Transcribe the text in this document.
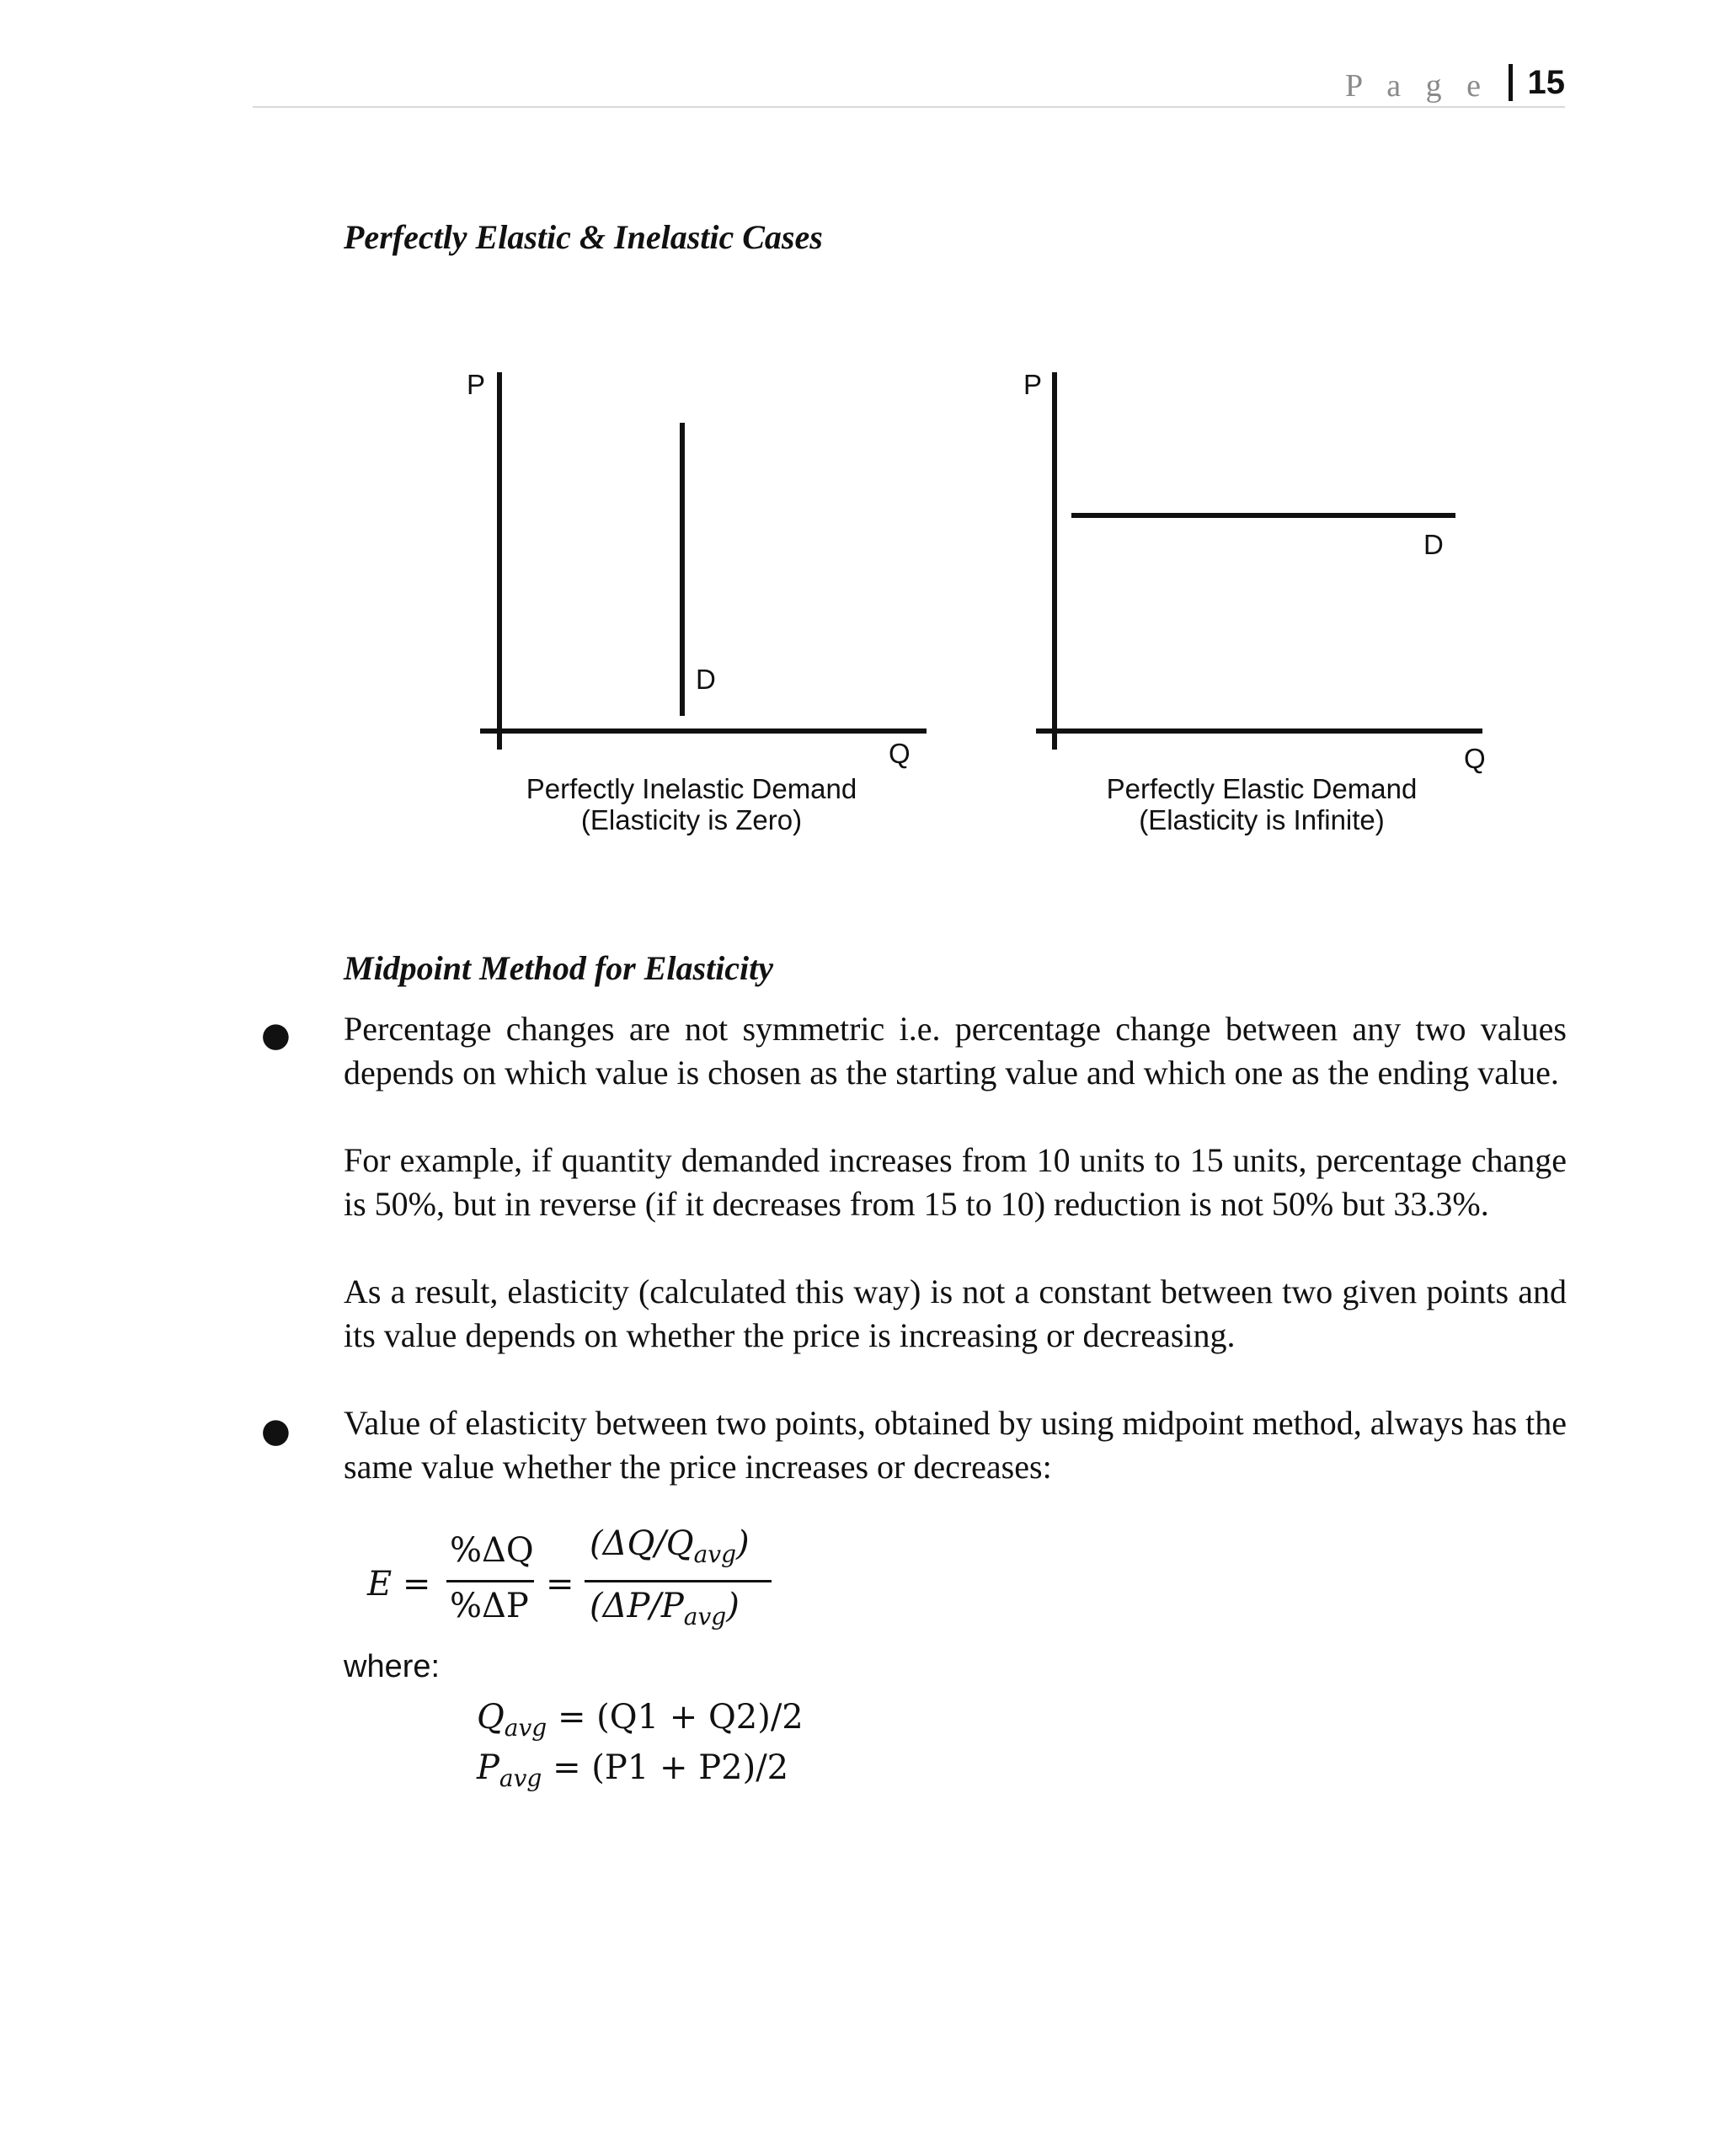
P a g e 15
Perfectly Elastic & Inelastic Cases
P
D
Q
Perfectly Inelastic Demand
(Elasticity is Zero)
P
D
Q
Perfectly Elastic Demand
(Elasticity is Infinite)
Midpoint Method for Elasticity
● Percentage changes are not symmetric i.e. percentage change between any two values depends on which value is chosen as the starting value and which one as the ending value.
For example, if quantity demanded increases from 10 units to 15 units, percentage change is 50%, but in reverse (if it decreases from 15 to 10) reduction is not 50% but 33.3%.
As a result, elasticity (calculated this way) is not a constant between two given points and its value depends on whether the price is increasing or decreasing.
● Value of elasticity between two points, obtained by using midpoint method, always has the same value whether the price increases or decreases:
E =
%ΔQ
%ΔP
=
$(\Delta Q/Q_{avg})$
$(\Delta P/P_{avg})$
where:
$Q_{avg} = (Q1 + Q2)/2$
$P_{avg} = (P1 + P2)/2$
